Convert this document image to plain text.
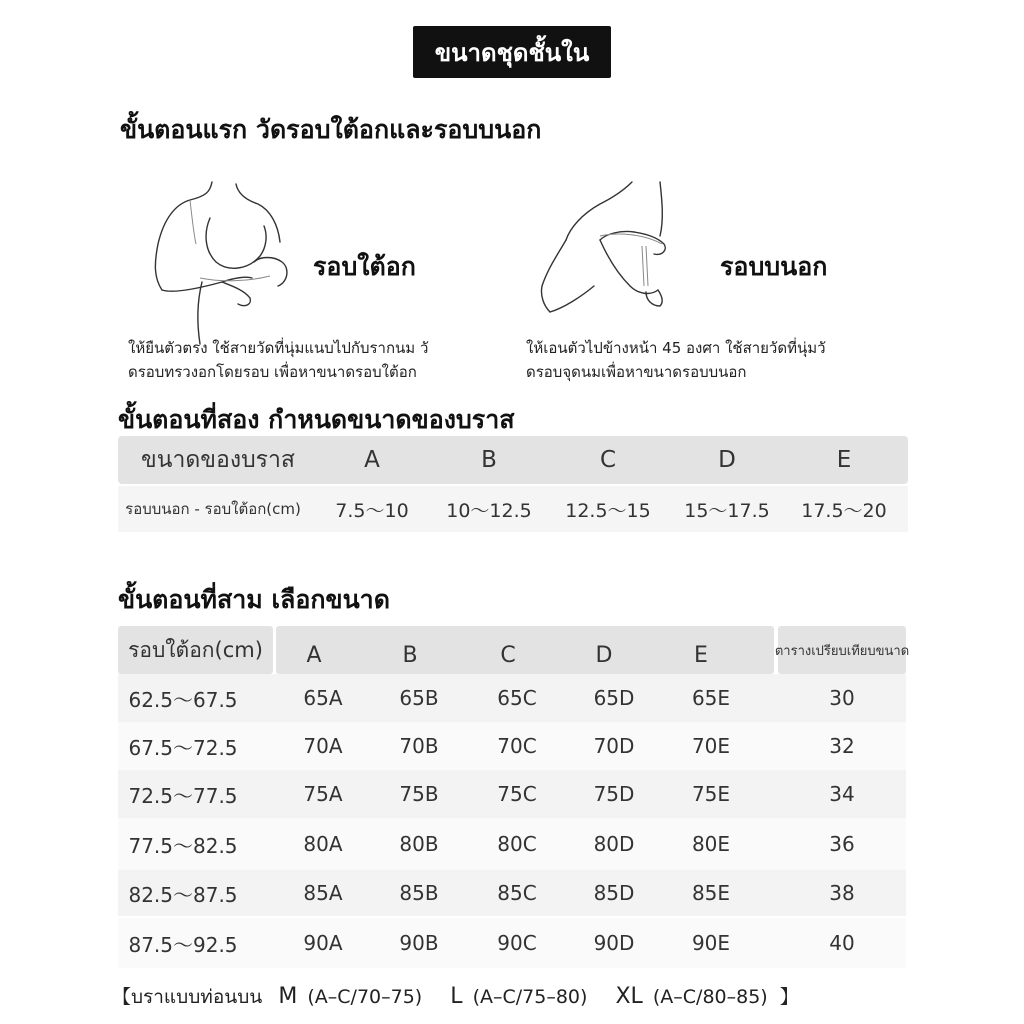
ขนาดชุดชั้นใน
ขั้นตอนแรก วัดรอบใต้อกและรอบบนอก
รอบใต้อก
ให้ยืนตัวตรง ใช้สายวัดที่นุ่มแนบไปกับรากนม วั
ดรอบทรวงอกโดยรอบ เพื่อหาขนาดรอบใต้อก
รอบบนอก
ให้เอนตัวไปข้างหน้า 45 องศา ใช้สายวัดที่นุ่มวั
ดรอบจุดนมเพื่อหาขนาดรอบบนอก
ขั้นตอนที่สอง กำหนดขนาดของบราส
ขนาดของบราส	A	B	C	D	E
รอบบนอก - รอบใต้อก(cm)	7.5～10	10～12.5	12.5～15	15～17.5	17.5～20
ขั้นตอนที่สาม เลือกขนาด
รอบใต้อก(cm)	A	B	C	D	E	ตารางเปรียบเทียบขนาด
62.5～67.5	65A	65B	65C	65D	65E	30
67.5～72.5	70A	70B	70C	70D	70E	32
72.5～77.5	75A	75B	75C	75D	75E	34
77.5～82.5	80A	80B	80C	80D	80E	36
82.5～87.5	85A	85B	85C	85D	85E	38
87.5～92.5	90A	90B	90C	90D	90E	40
【บราแบบท่อนบน M (A–C/70–75) L (A–C/75–80) XL (A–C/80–85) 】
